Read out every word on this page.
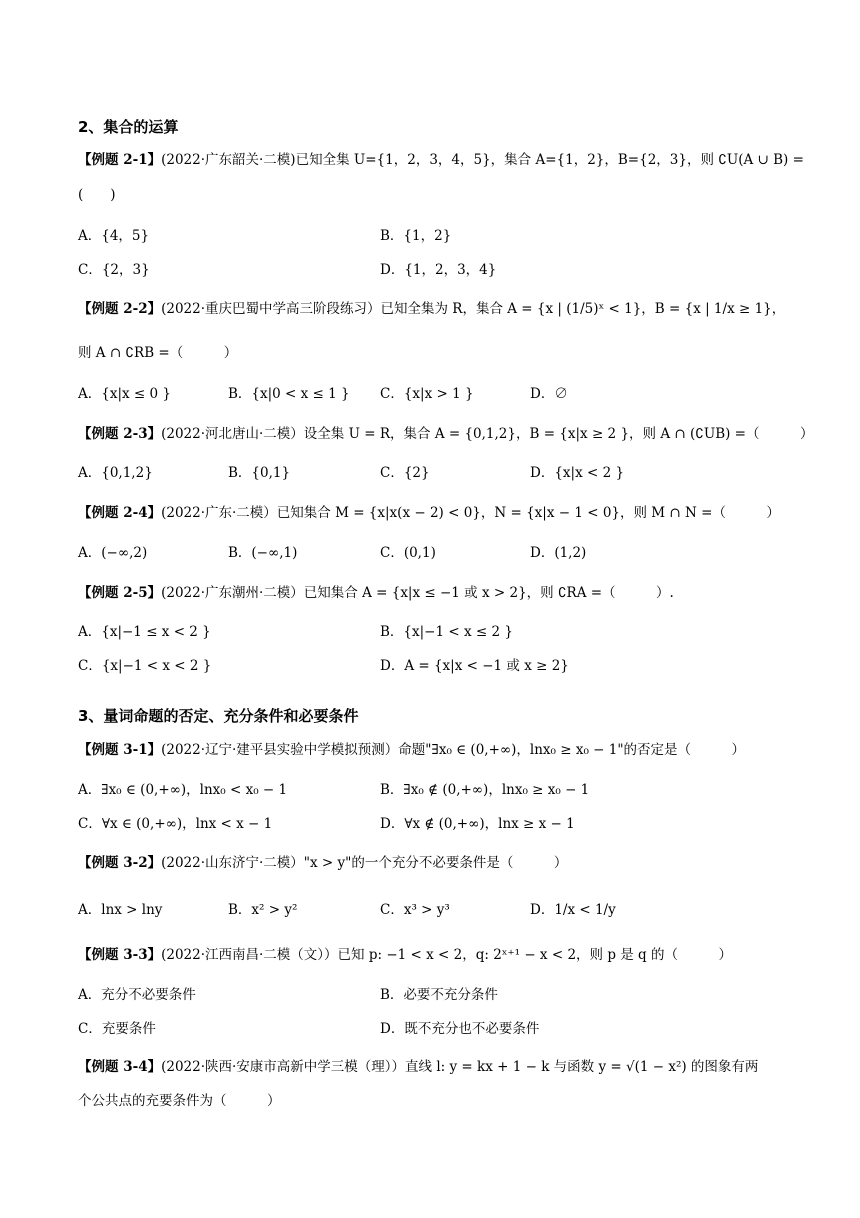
2、集合的运算
【例题 2-1】(2022·广东韶关·二模)已知全集 U={1，2，3，4，5}，集合 A={1，2}，B={2，3}，则 ∁U(A ∪ B) =
(　　)
A．{4，5}	B．{1，2}
C．{2，3}	D．{1，2，3，4}
【例题 2-2】(2022·重庆巴蜀中学高三阶段练习）已知全集为 R，集合 A = {x | (1/5)ˣ < 1}，B = {x | 1/x ≥ 1}，
则 A ∩ ∁RB =（　　　）
A．{x|x ≤ 0 }	B．{x|0 < x ≤ 1 } C．{x|x > 1 }	D．∅
【例题 2-3】(2022·河北唐山·二模）设全集 U = R，集合 A = {0,1,2}，B = {x|x ≥ 2 }，则 A ∩ (∁UB) =（　　　）
A．{0,1,2}	B．{0,1}	C．{2}	D．{x|x < 2 }
【例题 2-4】(2022·广东·二模）已知集合 M = {x|x(x − 2) < 0}，N = {x|x − 1 < 0}，则 M ∩ N =（　　　）
A．(−∞,2)	B．(−∞,1)	C．(0,1)	D．(1,2)
【例题 2-5】(2022·广东潮州·二模）已知集合 A = {x|x ≤ −1 或 x > 2}，则 ∁RA =（　　　）.
A．{x|−1 ≤ x < 2 }	B．{x|−1 < x ≤ 2 }
C．{x|−1 < x < 2 }	D．A = {x|x < −1 或 x ≥ 2}
3、量词命题的否定、充分条件和必要条件
【例题 3-1】(2022·辽宁·建平县实验中学模拟预测）命题"∃x₀ ∈ (0,+∞)，lnx₀ ≥ x₀ − 1"的否定是（　　　）
A．∃x₀ ∈ (0,+∞)，lnx₀ < x₀ − 1	B．∃x₀ ∉ (0,+∞)，lnx₀ ≥ x₀ − 1
C．∀x ∈ (0,+∞)，lnx < x − 1	D．∀x ∉ (0,+∞)，lnx ≥ x − 1
【例题 3-2】(2022·山东济宁·二模）"x > y"的一个充分不必要条件是（　　　）
A．lnx > lny	B．x² > y²	C．x³ > y³	D．1/x < 1/y
【例题 3-3】(2022·江西南昌·二模（文））已知 p: −1 < x < 2，q: 2ˣ⁺¹ − x < 2，则 p 是 q 的（　　　）
A．充分不必要条件	B．必要不充分条件
C．充要条件	D．既不充分也不必要条件
【例题 3-4】(2022·陕西·安康市高新中学三模（理））直线 l: y = kx + 1 − k 与函数 y = √(1 − x²) 的图象有两
个公共点的充要条件为（　　　）
